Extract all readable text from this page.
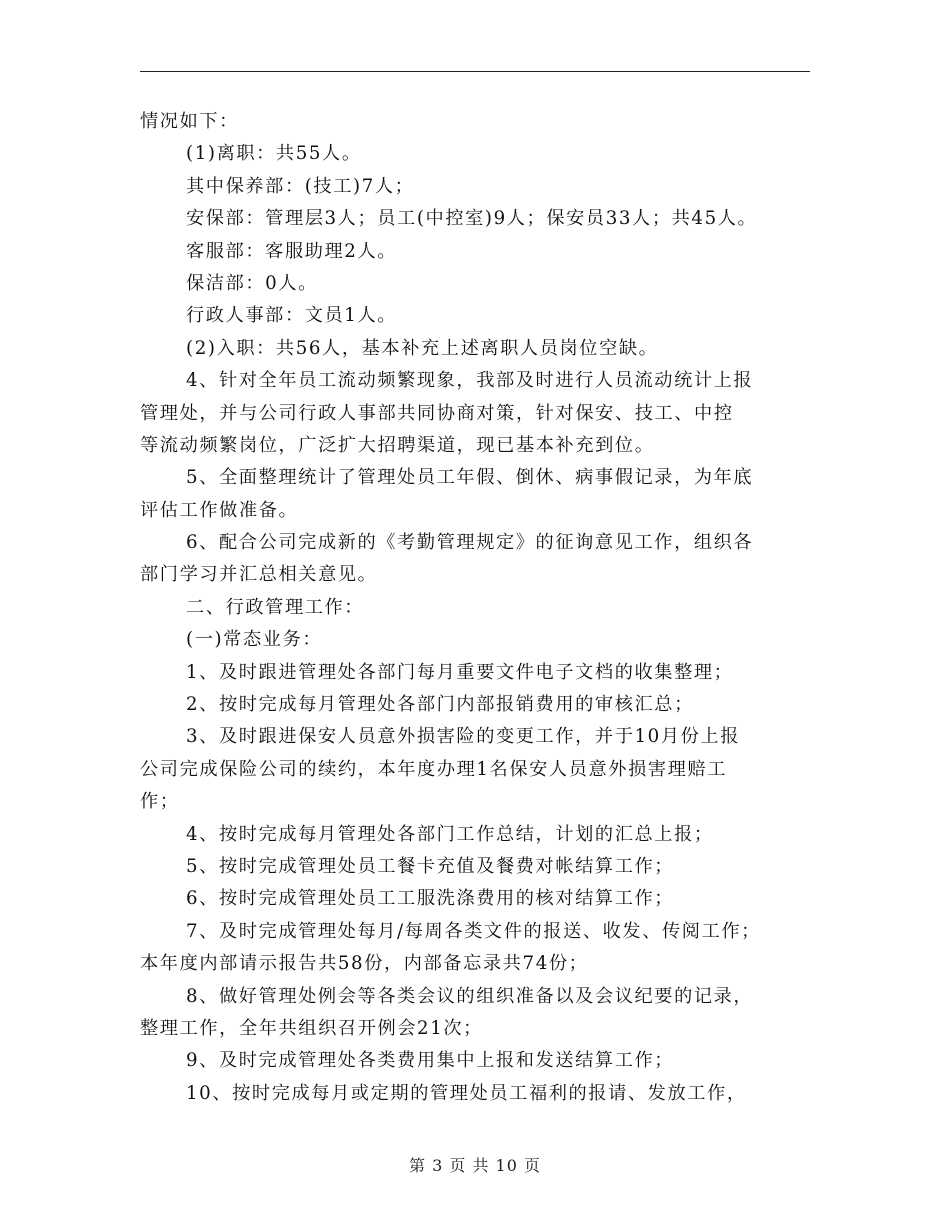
情况如下：
(1)离职：共55人。
其中保养部：(技工)7人；
安保部：管理层3人；员工(中控室)9人；保安员33人；共45人。
客服部：客服助理2人。
保洁部：0人。
行政人事部：文员1人。
(2)入职：共56人，基本补充上述离职人员岗位空缺。
4、针对全年员工流动频繁现象，我部及时进行人员流动统计上报
管理处，并与公司行政人事部共同协商对策，针对保安、技工、中控
等流动频繁岗位，广泛扩大招聘渠道，现已基本补充到位。
5、全面整理统计了管理处员工年假、倒休、病事假记录，为年底
评估工作做准备。
6、配合公司完成新的《考勤管理规定》的征询意见工作，组织各
部门学习并汇总相关意见。
二、行政管理工作：
(一)常态业务：
1、及时跟进管理处各部门每月重要文件电子文档的收集整理；
2、按时完成每月管理处各部门内部报销费用的审核汇总；
3、及时跟进保安人员意外损害险的变更工作，并于10月份上报
公司完成保险公司的续约，本年度办理1名保安人员意外损害理赔工
作；
4、按时完成每月管理处各部门工作总结，计划的汇总上报；
5、按时完成管理处员工餐卡充值及餐费对帐结算工作；
6、按时完成管理处员工工服洗涤费用的核对结算工作；
7、及时完成管理处每月/每周各类文件的报送、收发、传阅工作；
本年度内部请示报告共58份，内部备忘录共74份；
8、做好管理处例会等各类会议的组织准备以及会议纪要的记录，
整理工作，全年共组织召开例会21次；
9、及时完成管理处各类费用集中上报和发送结算工作；
10、按时完成每月或定期的管理处员工福利的报请、发放工作，
第 3 页 共 10 页
